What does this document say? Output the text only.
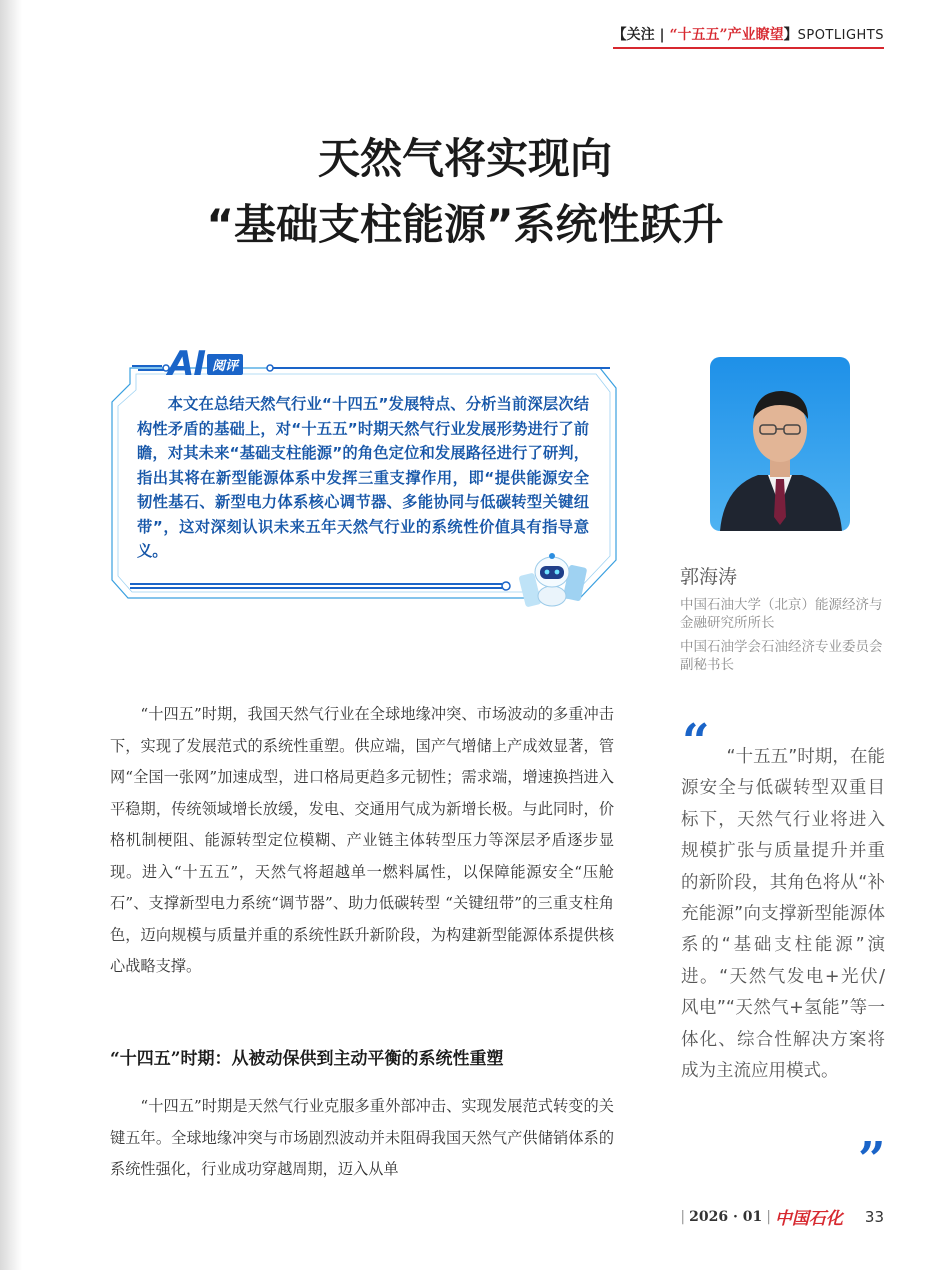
【关注 | “十五五”产业瞭望】SPOTLIGHTS
天然气将实现向
“基础支柱能源”系统性跃升
AI 阅评
本文在总结天然气行业“十四五”发展特点、分析当前深层次结构性矛盾的基础上，对“十五五”时期天然气行业发展形势进行了前瞻，对其未来“基础支柱能源”的角色定位和发展路径进行了研判，指出其将在新型能源体系中发挥三重支撑作用，即“提供能源安全韧性基石、新型电力体系核心调节器、多能协同与低碳转型关键纽带”，这对深刻认识未来五年天然气行业的系统性价值具有指导意义。
郭海涛
中国石油大学（北京）能源经济与金融研究所所长
中国石油学会石油经济专业委员会副秘书长

“十四五”时期，我国天然气行业在全球地缘冲突、市场波动的多重冲击下，实现了发展范式的系统性重塑。供应端，国产气增储上产成效显著，管网“全国一张网”加速成型，进口格局更趋多元韧性；需求端，增速换挡进入平稳期，传统领域增长放缓，发电、交通用气成为新增长极。与此同时，价格机制梗阻、能源转型定位模糊、产业链主体转型压力等深层矛盾逐步显现。进入“十五五”，天然气将超越单一燃料属性，以保障能源安全“压舱石”、支撑新型电力系统“调节器”、助力低碳转型 “关键纽带”的三重支柱角色，迈向规模与质量并重的系统性跃升新阶段，为构建新型能源体系提供核心战略支撑。

“十四五”时期：从被动保供到主动平衡的系统性重塑

“十四五”时期是天然气行业克服多重外部冲击、实现发展范式转变的关键五年。全球地缘冲突与市场剧烈波动并未阻碍我国天然气产供储销体系的系统性强化，行业成功穿越周期，迈入从单

“ “十五五”时期，在能源安全与低碳转型双重目标下，天然气行业将进入规模扩张与质量提升并重的新阶段，其角色将从“补充能源”向支撑新型能源体系的“基础支柱能源”演进。“天然气发电+光伏/风电”“天然气+氢能”等一体化、综合性解决方案将成为主流应用模式。
”
| 2026 · 01 | 中国石化 33
